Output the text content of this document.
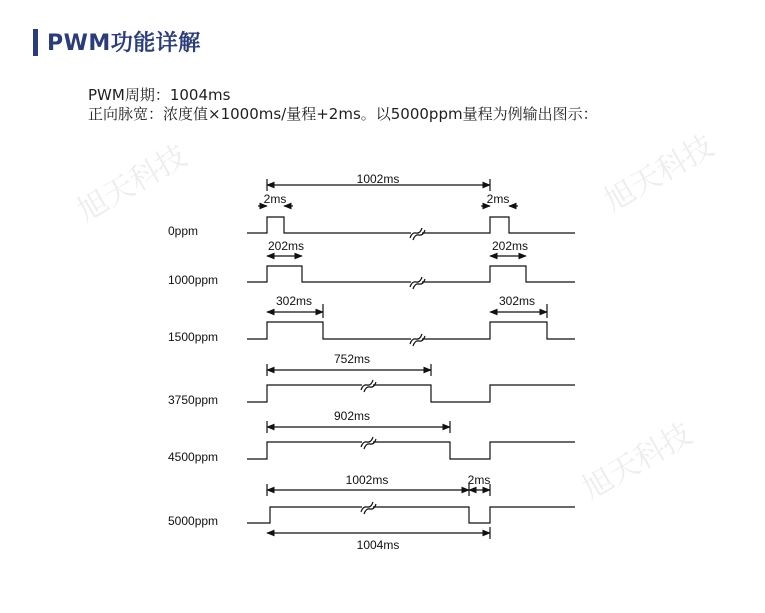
PWM功能详解
PWM周期：1004ms
正向脉宽：浓度值×1000ms/量程+2ms。以5000ppm量程为例输出图示：
旭天科技	旭天科技
旭天科技
0ppm
1000ppm
1500ppm
3750ppm
4500ppm
5000ppm
1002ms
2ms	2ms
202ms	202ms
302ms	302ms
752ms
902ms
1002ms	2ms
1004ms
